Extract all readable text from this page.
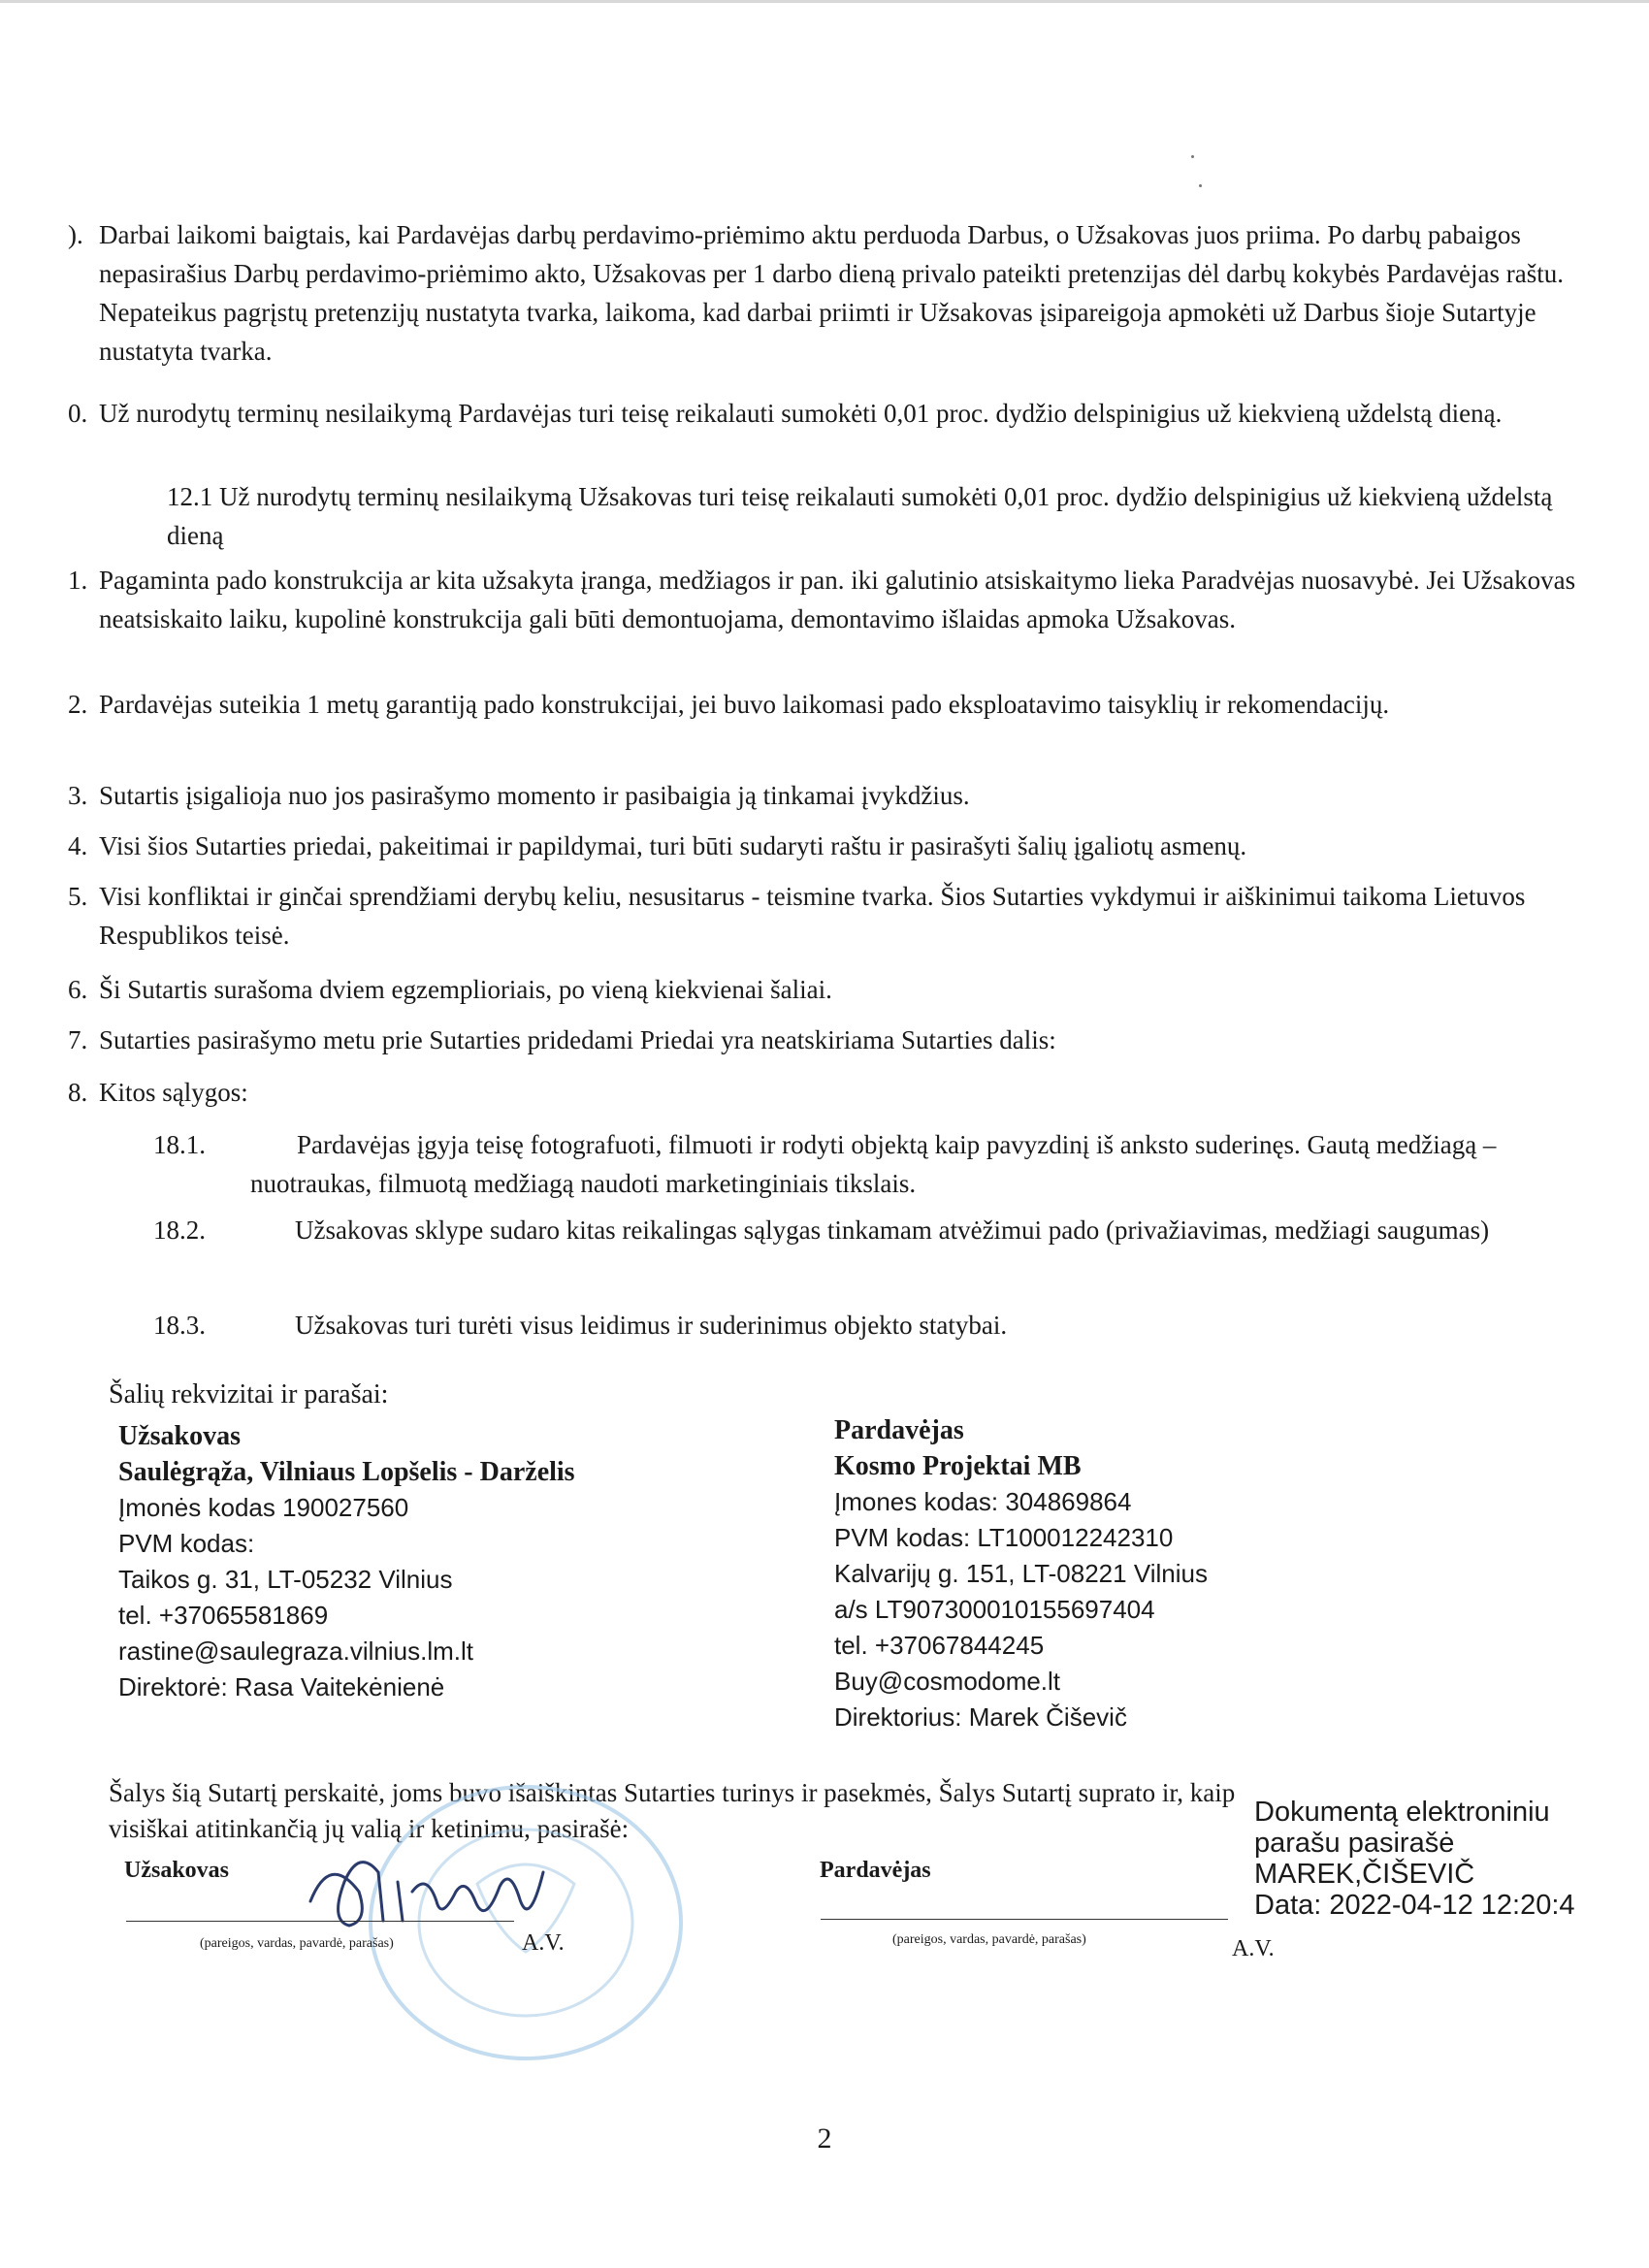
). Darbai laikomi baigtais, kai Pardavėjas darbų perdavimo-priėmimo aktu perduoda Darbus, o Užsakovas juos priima. Po darbų pabaigos nepasirašius Darbų perdavimo-priėmimo akto, Užsakovas per 1 darbo dieną privalo pateikti pretenzijas dėl darbų kokybės Pardavėjas raštu. Nepateikus pagrįstų pretenzijų nustatyta tvarka, laikoma, kad darbai priimti ir Užsakovas įsipareigoja apmokėti už Darbus šioje Sutartyje nustatyta tvarka.
0. Už nurodytų terminų nesilaikymą Pardavėjas turi teisę reikalauti sumokėti 0,01 proc. dydžio delspinigius už kiekvieną uždelstą dieną.
12.1 Už nurodytų terminų nesilaikymą Užsakovas turi teisę reikalauti sumokėti 0,01 proc. dydžio delspinigius už kiekvieną uždelstą dieną
1. Pagaminta pado konstrukcija ar kita užsakyta įranga, medžiagos ir pan. iki galutinio atsiskaitymo lieka Paradvėjas nuosavybė. Jei Užsakovas neatsiskaito laiku, kupolinė konstrukcija gali būti demontuojama, demontavimo išlaidas apmoka Užsakovas.
2. Pardavėjas suteikia 1 metų garantiją pado konstrukcijai, jei buvo laikomasi pado eksploatavimo taisyklių ir rekomendacijų.
3. Sutartis įsigalioja nuo jos pasirašymo momento ir pasibaigia ją tinkamai įvykdžius.
4. Visi šios Sutarties priedai, pakeitimai ir papildymai, turi būti sudaryti raštu ir pasirašyti šalių įgaliotų asmenų.
5. Visi konfliktai ir ginčai sprendžiami derybų keliu, nesusitarus - teismine tvarka. Šios Sutarties vykdymui ir aiškinimui taikoma Lietuvos Respublikos teisė.
6. Ši Sutartis surašoma dviem egzemplioriais, po vieną kiekvienai šaliai.
7. Sutarties pasirašymo metu prie Sutarties pridedami Priedai yra neatskiriama Sutarties dalis:
8. Kitos sąlygos:
18.1.	Pardavėjas įgyja teisę fotografuoti, filmuoti ir rodyti objektą kaip pavyzdinį iš anksto suderinęs. Gautą medžiagą – nuotraukas, filmuotą medžiagą naudoti marketinginiais tikslais.
18.2.	Užsakovas sklype sudaro kitas reikalingas sąlygas tinkamam atvėžimui pado (privažiavimas, medžiagi saugumas)
18.3.	Užsakovas turi turėti visus leidimus ir suderinimus objekto statybai.
Šalių rekvizitai ir parašai:
Užsakovas
Saulėgrąža, Vilniaus Lopšelis - Darželis
Įmonės kodas 190027560
PVM kodas:
Taikos g. 31, LT-05232 Vilnius
tel. +37065581869
rastine@saulegraza.vilnius.lm.lt
Direktorė: Rasa Vaitekėnienė
Pardavėjas
Kosmo Projektai MB
Įmones kodas: 304869864
PVM kodas: LT100012242310
Kalvarijų g. 151, LT-08221 Vilnius
a/s LT907300010155697404
tel. +37067844245
Buy@cosmodome.lt
Direktorius: Marek Čiševič
Šalys šią Sutartį perskaitė, joms buvo išaiškintas Sutarties turinys ir pasekmės, Šalys Sutartį suprato ir, kaip visiškai atitinkančią jų valią ir ketinimu, pasirašė:
Užsakovas
(pareigos, vardas, pavardė, parašas)	A.V.
Pardavėjas
(pareigos, vardas, pavardė, parašas)	A.V.
Dokumentą elektroniniu
parašu pasirašė
MAREK,ČIŠEVIČ
Data: 2022-04-12 12:20:4
2
